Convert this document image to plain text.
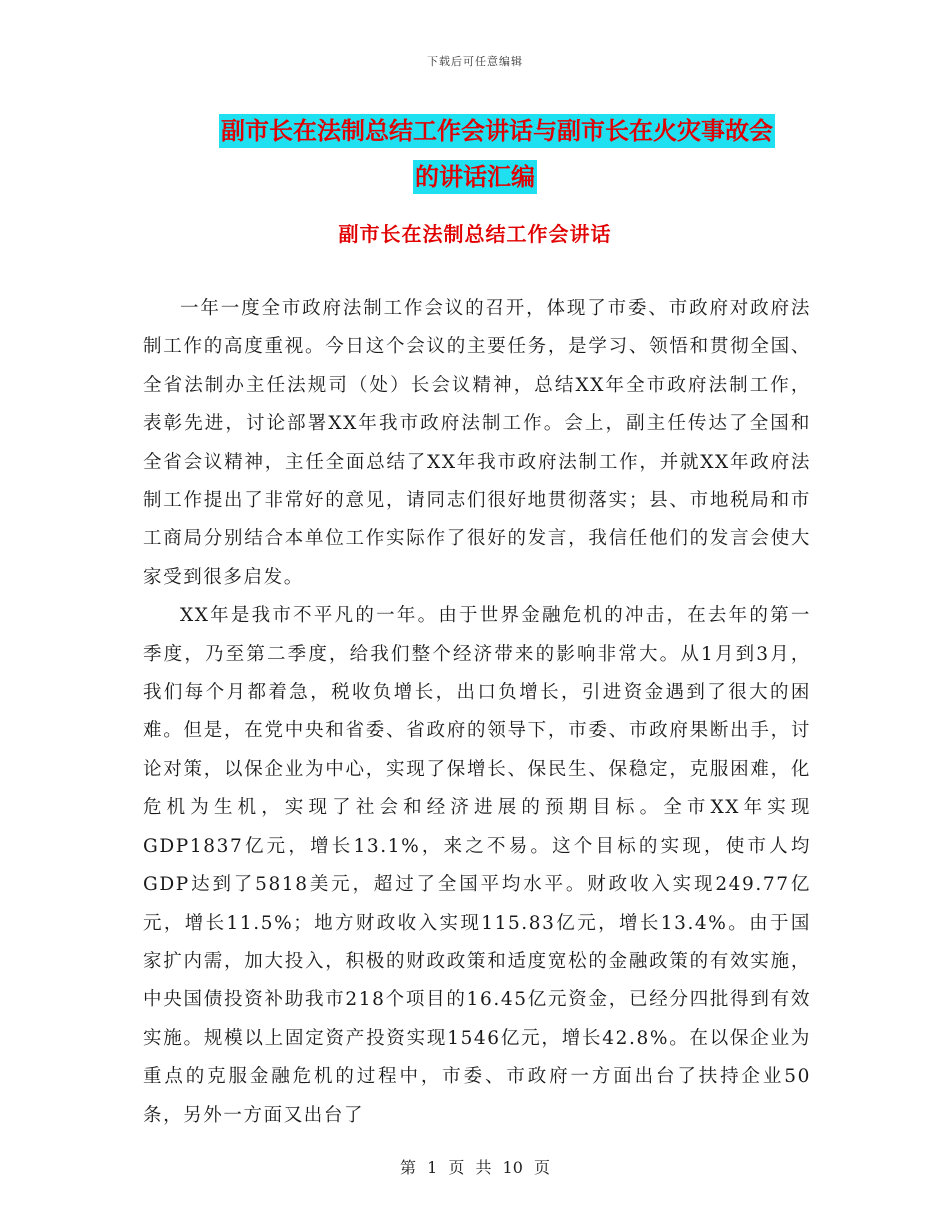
下载后可任意编辑
副市长在法制总结工作会讲话与副市长在火灾事故会
的讲话汇编
副市长在法制总结工作会讲话

一年一度全市政府法制工作会议的召开，体现了市委、市政府对政府法制工作的高度重视。今日这个会议的主要任务，是学习、领悟和贯彻全国、全省法制办主任法规司（处）长会议精神，总结XX年全市政府法制工作，表彰先进，讨论部署XX年我市政府法制工作。会上，副主任传达了全国和全省会议精神，主任全面总结了XX年我市政府法制工作，并就XX年政府法制工作提出了非常好的意见，请同志们很好地贯彻落实；县、市地税局和市工商局分别结合本单位工作实际作了很好的发言，我信任他们的发言会使大家受到很多启发。

XX年是我市不平凡的一年。由于世界金融危机的冲击，在去年的第一季度，乃至第二季度，给我们整个经济带来的影响非常大。从1月到3月，我们每个月都着急，税收负增长，出口负增长，引进资金遇到了很大的困难。但是，在党中央和省委、省政府的领导下，市委、市政府果断出手，讨论对策，以保企业为中心，实现了保增长、保民生、保稳定，克服困难，化危机为生机，实现了社会和经济进展的预期目标。全市XX年实现GDP1837亿元，增长13.1%，来之不易。这个目标的实现，使市人均GDP达到了5818美元，超过了全国平均水平。财政收入实现249.77亿元，增长11.5%；地方财政收入实现115.83亿元，增长13.4%。由于国家扩内需，加大投入，积极的财政政策和适度宽松的金融政策的有效实施，中央国债投资补助我市218个项目的16.45亿元资金，已经分四批得到有效实施。规模以上固定资产投资实现1546亿元，增长42.8%。在以保企业为重点的克服金融危机的过程中，市委、市政府一方面出台了扶持企业50条，另外一方面又出台了

第 1 页 共 10 页
